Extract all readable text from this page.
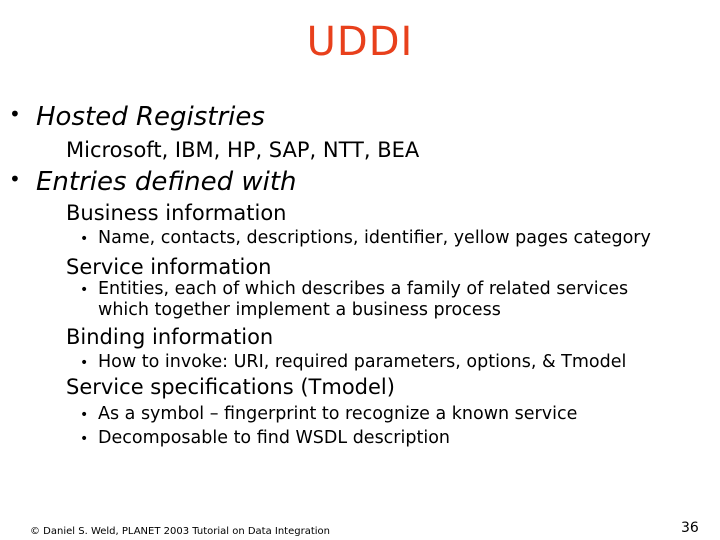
UDDI
• Hosted Registries
Microsoft, IBM, HP, SAP, NTT, BEA
• Entries defined with
Business information
• Name, contacts, descriptions, identifier, yellow pages category
Service information
• Entities, each of which describes a family of related services
which together implement a business process
Binding information
• How to invoke: URI, required parameters, options, & Tmodel
Service specifications (Tmodel)
• As a symbol – fingerprint to recognize a known service
• Decomposable to find WSDL description
© Daniel S. Weld, PLANET 2003 Tutorial on Data Integration	36
